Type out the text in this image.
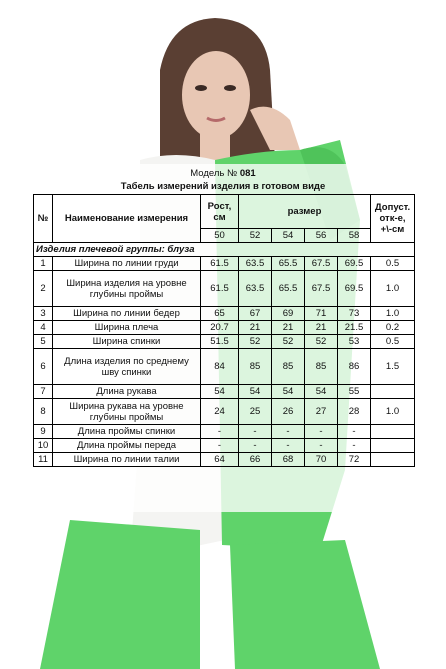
Модель № 081
Табель измерений изделия в готовом виде
№	Наименование измерения	Рост, см	размер				Допуст. отк-е, +\-см
		50	52	54	56	58	
Изделия плечевой группы: блуза							
1	Ширина по линии груди	61.5	63.5	65.5	67.5	69.5	0.5
2	Ширина изделия на уровне глубины проймы	61.5	63.5	65.5	67.5	69.5	1.0
3	Ширина по линии бедер	65	67	69	71	73	1.0
4	Ширина плеча	20.7	21	21	21	21.5	0.2
5	Ширина спинки	51.5	52	52	52	53	0.5
6	Длина изделия по среднему шву спинки	84	85	85	85	86	1.5
7	Длина рукава	54	54	54	54	55	
8	Ширина рукава на уровне глубины проймы	24	25	26	27	28	1.0
9	Длина проймы спинки	-	-	-	-	-	
10	Длина проймы переда	-	-	-	-	-	
11	Ширина по линии талии	64	66	68	70	72	
